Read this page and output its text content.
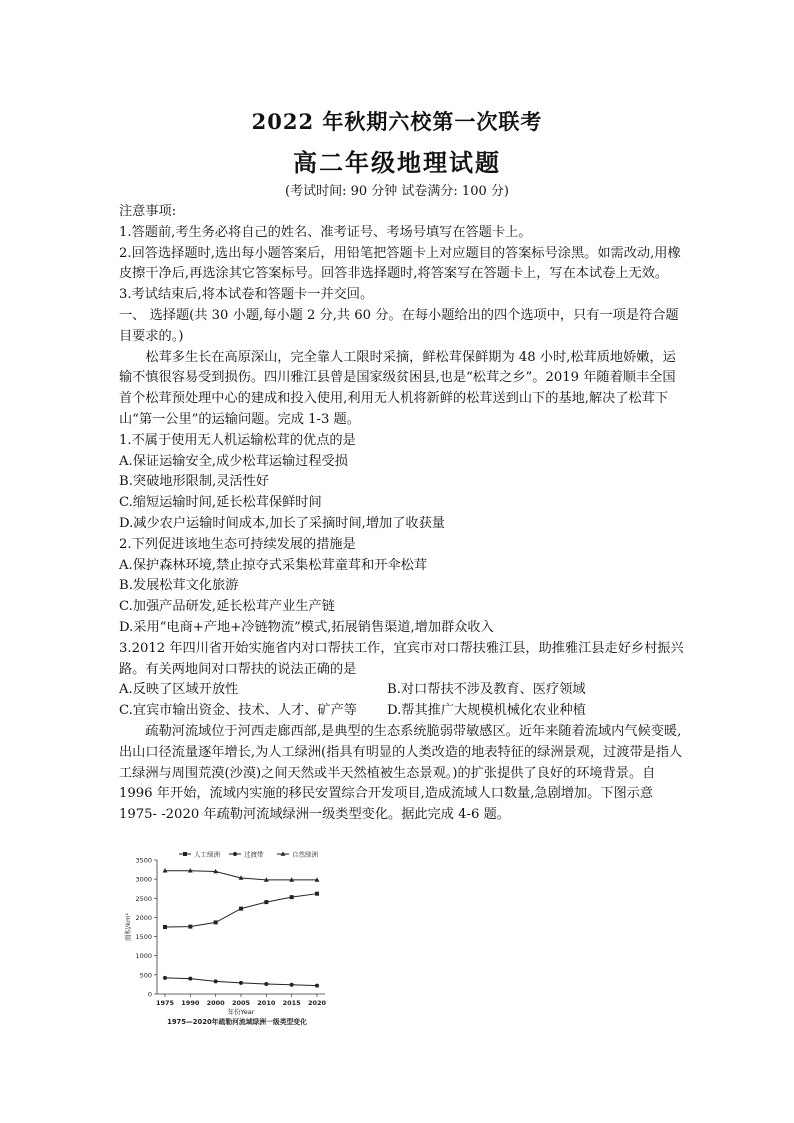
2022 年秋期六校第一次联考
高二年级地理试题
(考试时间: 90 分钟 试卷满分: 100 分)

注意事项:

1.答题前,考生务必将自己的姓名、准考证号、考场号填写在答题卡上。

2.回答选择题时,选出每小题答案后，用铅笔把答题卡上对应题目的答案标号涂黑。如需改动,用橡皮擦干净后,再选涂其它答案标号。回答非选择题时,将答案写在答题卡上，写在本试卷上无效。

3.考试结束后,将本试卷和答题卡一并交回。

一、 选择题(共 30 小题,每小题 2 分,共 60 分。在每小题给出的四个选项中，只有一项是符合题目要求的。)

松茸多生长在高原深山，完全靠人工限时采摘，鲜松茸保鲜期为 48 小时,松茸质地娇嫩，运输不慎很容易受到损伤。四川雅江县曾是国家级贫困县,也是“松茸之乡”。2019 年随着顺丰全国首个松茸预处理中心的建成和投入使用,利用无人机将新鲜的松茸送到山下的基地,解决了松茸下山“第一公里”的运输问题。完成 1-3 题。

1.不属于使用无人机运输松茸的优点的是

A.保证运输安全,成少松茸运输过程受损

B.突破地形限制,灵活性好

C.缩短运输时间,延长松茸保鲜时间

D.减少农户运输时间成本,加长了采摘时间,增加了收获量

2.下列促进该地生态可持续发展的措施是

A.保护森林环境,禁止掠夺式采集松茸童茸和开伞松茸

B.发展松茸文化旅游

C.加强产品研发,延长松茸产业生产链

D.采用“电商+产地+冷链物流”模式,拓展销售渠道,增加群众收入

3.2012 年四川省开始实施省内对口帮扶工作，宜宾市对口帮扶雅江县，助推雅江县走好乡村振兴路。有关两地间对口帮扶的说法正确的是

A.反映了区域开放性	B.对口帮扶不涉及教育、医疗领域
C.宜宾市输出资金、技术、人才、矿产等	D.帮其推广大规模机械化农业种植

疏勒河流域位于河西走廊西部,是典型的生态系统脆弱带敏感区。近年来随着流域内气候变暖,出山口径流量逐年增长,为人工绿洲(指具有明显的人类改造的地表特征的绿洲景观，过渡带是指人工绿洲与周围荒漠(沙漠)之间天然或半天然植被生态景观。)的扩张提供了良好的环境背景。自 1996 年开始，流域内实施的移民安置综合开发项目,造成流域人口数量,急剧增加。下图示意 1975- -2020 年疏勒河流域绿洲一级类型变化。据此完成 4-6 题。

0
500
1000
1500
2000
2500
3000
3500
1975 1990 2000 2005 2010 2015 2020
年份Year
面积/km²
1975—2020年疏勒河流域绿洲一级类型变化
人工绿洲	过渡带	自然绿洲
